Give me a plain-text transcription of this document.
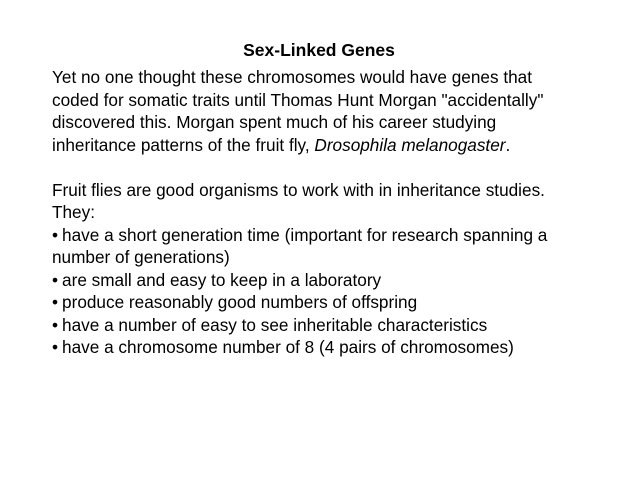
Sex-Linked Genes
Yet no one thought these chromosomes would have genes that
coded for somatic traits until Thomas Hunt Morgan "accidentally"
discovered this. Morgan spent much of his career studying
inheritance patterns of the fruit fly, Drosophila melanogaster.
Fruit flies are good organisms to work with in inheritance studies.
They:
• have a short generation time (important for research spanning a
number of generations)
• are small and easy to keep in a laboratory
• produce reasonably good numbers of offspring
• have a number of easy to see inheritable characteristics
• have a chromosome number of 8 (4 pairs of chromosomes)
